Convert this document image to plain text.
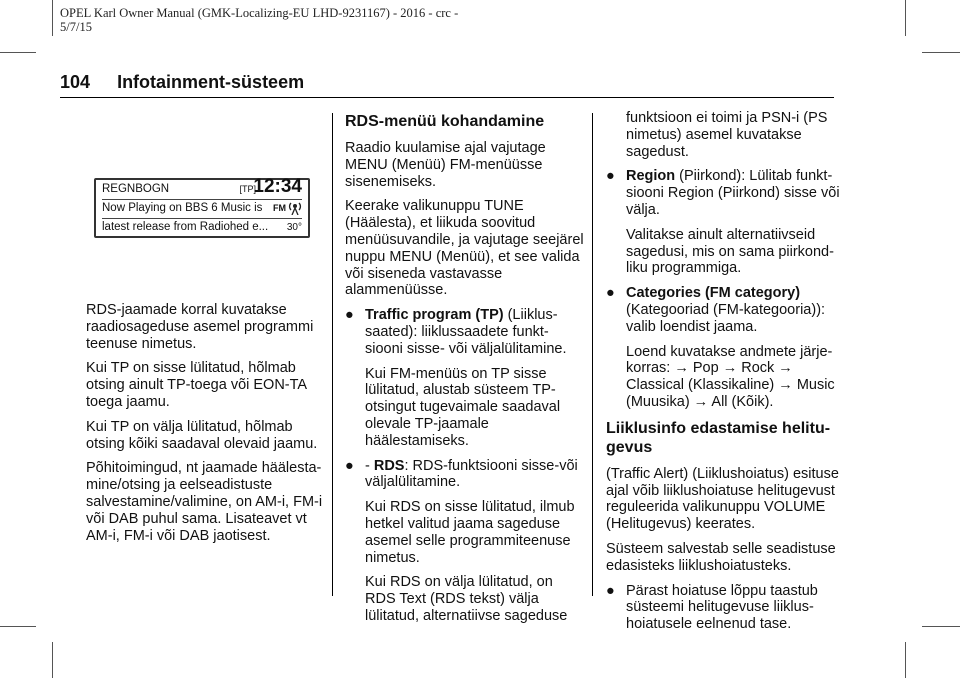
OPEL Karl Owner Manual (GMK-Localizing-EU LHD-9231167) - 2016 - crc -
5/7/15
104 Infotainment-süsteem
REGNBOGN	[TP]
12:34
Now Playing on BBS 6 Music is FM
latest release from Radiohed e... 30°

RDS-jaamade korral kuvatakse raadiosageduse asemel programmi teenuse nimetus.

Kui TP on sisse lülitatud, hõlmab otsing ainult TP-toega või EON-TA toega jaamu.

Kui TP on välja lülitatud, hõlmab otsing kõiki saadaval olevaid jaamu.

Põhitoimingud, nt jaamade häälesta-mine/otsing ja eelseadistuste salvestamine/valimine, on AM-i, FM-i või DAB puhul sama. Lisateavet vt AM-i, FM-i või DAB jaotisest.

RDS-menüü kohandamine

Raadio kuulamise ajal vajutage MENU (Menüü) FM-menüüsse sisenemiseks.

Keerake valikunuppu TUNE (Häälesta), et liikuda soovitud menüüsuvandile, ja vajutage seejärel nuppu MENU (Menüü), et see valida või siseneda vastavasse alammenüüsse.

● Traffic program (TP) (Liiklus-saated): liiklussaadete funkt-siooni sisse- või väljalülitamine.

Kui FM-menüüs on TP sisse lülitatud, alustab süsteem TP-otsingut tugevaimale saadaval olevale TP-jaamale häälestamiseks.

● - RDS: RDS-funktsiooni sisse-või väljalülitamine.

Kui RDS on sisse lülitatud, ilmub hetkel valitud jaama sageduse asemel selle programmiteenuse nimetus.

Kui RDS on välja lülitatud, on RDS Text (RDS tekst) välja lülitatud, alternatiivse sageduse

funktsioon ei toimi ja PSN-i (PS nimetus) asemel kuvatakse sagedust.

● Region (Piirkond): Lülitab funkt-siooni Region (Piirkond) sisse või välja.

Valitakse ainult alternatiivseid sagedusi, mis on sama piirkond-liku programmiga.

● Categories (FM category)
(Kategooriad (FM-kategooria)): valib loendist jaama.

Loend kuvatakse andmete järje-korras: → Pop → Rock → Classical (Klassikaline) → Music (Muusika) → All (Kõik).

Liiklusinfo edastamise helitu-gevus

(Traffic Alert) (Liiklushoiatus) esituse ajal võib liiklushoiatuse helitugevust reguleerida valikunuppu VOLUME (Helitugevus) keerates.

Süsteem salvestab selle seadistuse edasisteks liiklushoiatusteks.

● Pärast hoiatuse lõppu taastub süsteemi helitugevuse liiklus-hoiatusele eelnenud tase.
